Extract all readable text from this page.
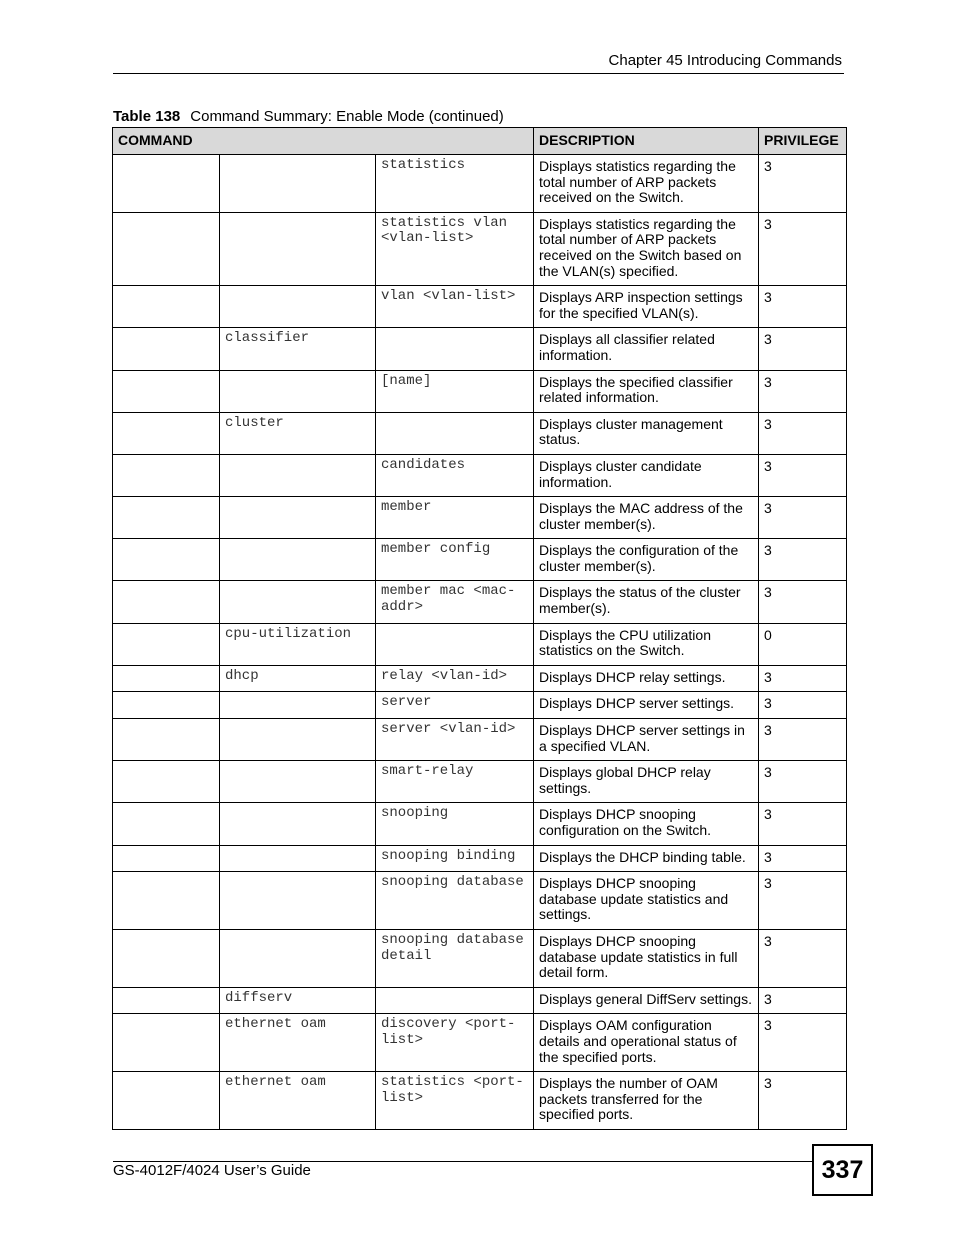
Chapter 45 Introducing Commands
Table 138 Command Summary: Enable Mode (continued)
COMMAND			DESCRIPTION	PRIVILEGE
		statistics	Displays statistics regarding the total number of ARP packets received on the Switch.	3
		statistics vlan <vlan-list>	Displays statistics regarding the total number of ARP packets received on the Switch based on the VLAN(s) specified.	3
		vlan <vlan-list>	Displays ARP inspection settings for the specified VLAN(s).	3
	classifier		Displays all classifier related information.	3
		[name]	Displays the specified classifier related information.	3
	cluster		Displays cluster management status.	3
		candidates	Displays cluster candidate information.	3
		member	Displays the MAC address of the cluster member(s).	3
		member config	Displays the configuration of the cluster member(s).	3
		member mac <mac-addr>	Displays the status of the cluster member(s).	3
	cpu-utilization		Displays the CPU utilization statistics on the Switch.	0
	dhcp	relay <vlan-id>	Displays DHCP relay settings.	3
		server	Displays DHCP server settings.	3
		server <vlan-id>	Displays DHCP server settings in a specified VLAN.	3
		smart-relay	Displays global DHCP relay settings.	3
		snooping	Displays DHCP snooping configuration on the Switch.	3
		snooping binding	Displays the DHCP binding table.	3
		snooping database	Displays DHCP snooping database update statistics and settings.	3
		snooping database detail	Displays DHCP snooping database update statistics in full detail form.	3
	diffserv		Displays general DiffServ settings.	3
	ethernet oam	discovery <port-list>	Displays OAM configuration details and operational status of the specified ports.	3
	ethernet oam	statistics <port-list>	Displays the number of OAM packets transferred for the specified ports.	3
GS-4012F/4024 User’s Guide	337
